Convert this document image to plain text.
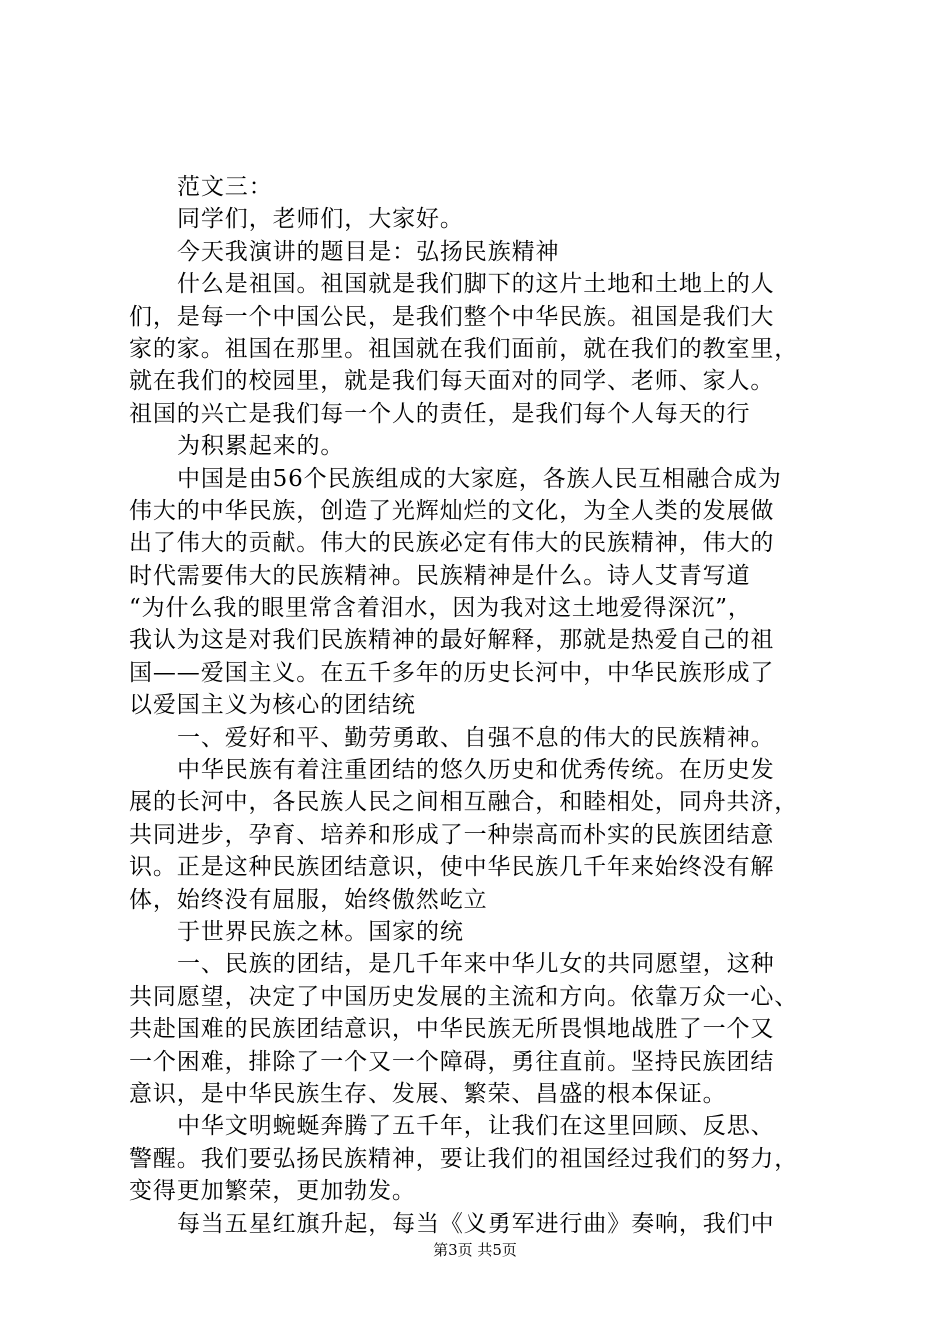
范文三：
同学们，老师们，大家好。
今天我演讲的题目是：弘扬民族精神
什么是祖国。祖国就是我们脚下的这片土地和土地上的人
们，是每一个中国公民，是我们整个中华民族。祖国是我们大
家的家。祖国在那里。祖国就在我们面前，就在我们的教室里，
就在我们的校园里，就是我们每天面对的同学、老师、家人。
祖国的兴亡是我们每一个人的责任，是我们每个人每天的行
为积累起来的。
中国是由56个民族组成的大家庭，各族人民互相融合成为
伟大的中华民族，创造了光辉灿烂的文化，为全人类的发展做
出了伟大的贡献。伟大的民族必定有伟大的民族精神，伟大的
时代需要伟大的民族精神。民族精神是什么。诗人艾青写道
“为什么我的眼里常含着泪水，因为我对这土地爱得深沉”，
我认为这是对我们民族精神的最好解释，那就是热爱自己的祖
国——爱国主义。在五千多年的历史长河中，中华民族形成了
以爱国主义为核心的团结统
一、爱好和平、勤劳勇敢、自强不息的伟大的民族精神。
中华民族有着注重团结的悠久历史和优秀传统。在历史发
展的长河中，各民族人民之间相互融合，和睦相处，同舟共济，
共同进步，孕育、培养和形成了一种崇高而朴实的民族团结意
识。正是这种民族团结意识，使中华民族几千年来始终没有解
体，始终没有屈服，始终傲然屹立
于世界民族之林。国家的统
一、民族的团结，是几千年来中华儿女的共同愿望，这种
共同愿望，决定了中国历史发展的主流和方向。依靠万众一心、
共赴国难的民族团结意识，中华民族无所畏惧地战胜了一个又
一个困难，排除了一个又一个障碍，勇往直前。坚持民族团结
意识，是中华民族生存、发展、繁荣、昌盛的根本保证。
中华文明蜿蜒奔腾了五千年，让我们在这里回顾、反思、
警醒。我们要弘扬民族精神，要让我们的祖国经过我们的努力，
变得更加繁荣，更加勃发。
每当五星红旗升起，每当《义勇军进行曲》奏响，我们中
第3页 共5页
